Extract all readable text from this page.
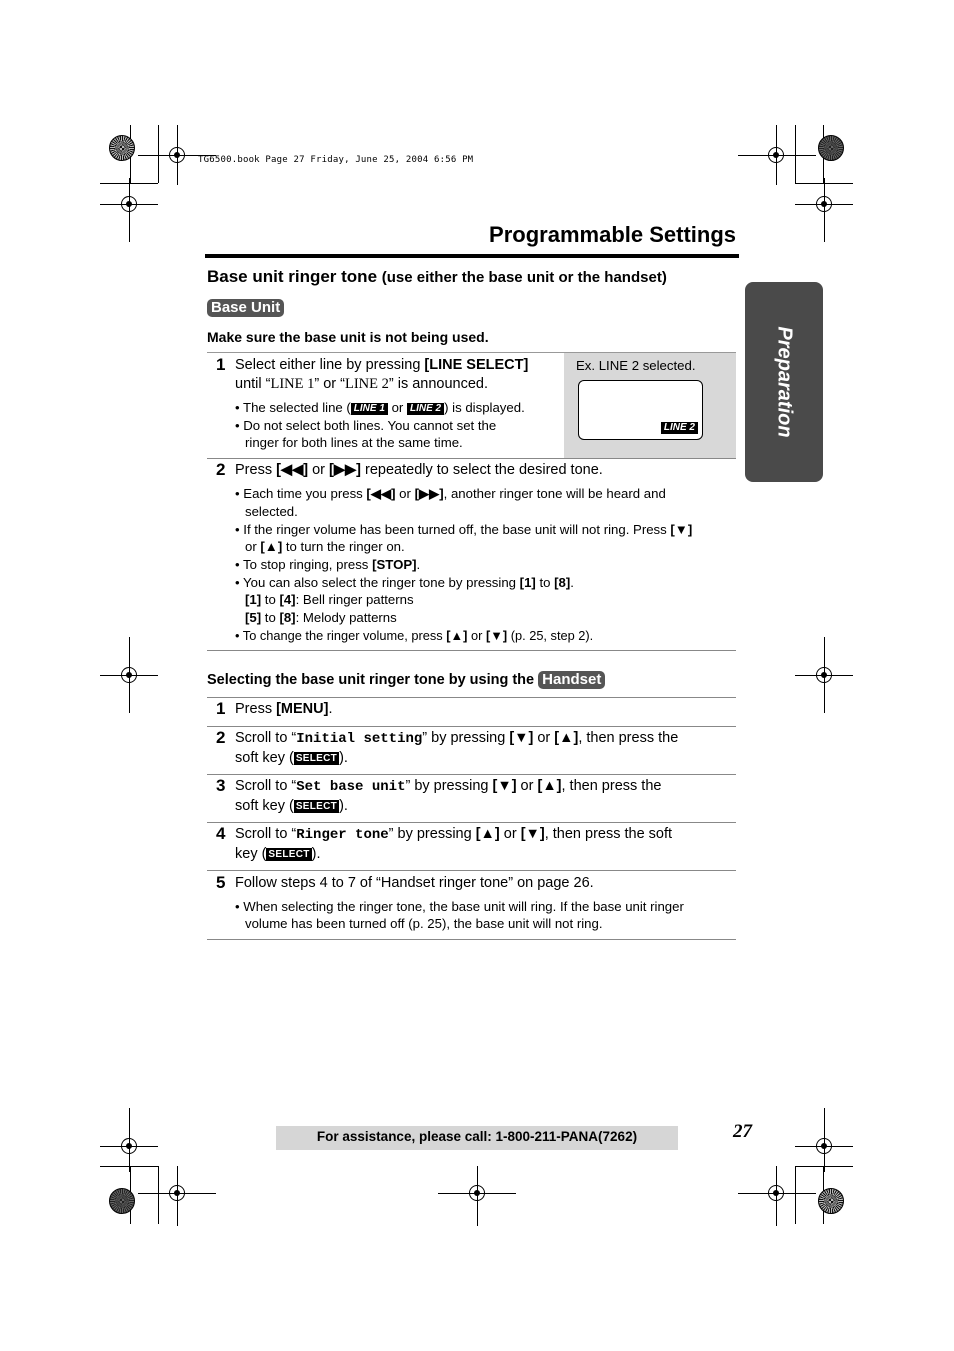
TG6500.book Page 27 Friday, June 25, 2004 6:56 PM
Programmable Settings
Preparation
Base unit ringer tone (use either the base unit or the handset)
Base Unit
Make sure the base unit is not being used.
Ex. LINE 2 selected.
LINE 2
1 Select either line by pressing [LINE SELECT]
until “LINE 1” or “LINE 2” is announced.
• The selected line ( LINE 1 or LINE 2 ) is displayed.
• Do not select both lines. You cannot set the
ringer for both lines at the same time.
2 Press [◀◀] or [▶▶] repeatedly to select the desired tone.
• Each time you press [◀◀] or [▶▶], another ringer tone will be heard and
selected.
• If the ringer volume has been turned off, the base unit will not ring. Press [▼]
or [▲] to turn the ringer on.
• To stop ringing, press [STOP].
• You can also select the ringer tone by pressing [1] to [8].
[1] to [4]: Bell ringer patterns
[5] to [8]: Melody patterns
• To change the ringer volume, press [▲] or [▼] (p. 25, step 2).
Selecting the base unit ringer tone by using the Handset
1 Press [MENU].
2 Scroll to “Initial setting” by pressing [▼] or [▲], then press the
soft key ( SELECT ).
3 Scroll to “Set base unit” by pressing [▼] or [▲], then press the
soft key ( SELECT ).
4 Scroll to “Ringer tone” by pressing [▲] or [▼], then press the soft
key ( SELECT ).
5 Follow steps 4 to 7 of “Handset ringer tone” on page 26.
• When selecting the ringer tone, the base unit will ring. If the base unit ringer
volume has been turned off (p. 25), the base unit will not ring.
For assistance, please call: 1-800-211-PANA(7262)	27
